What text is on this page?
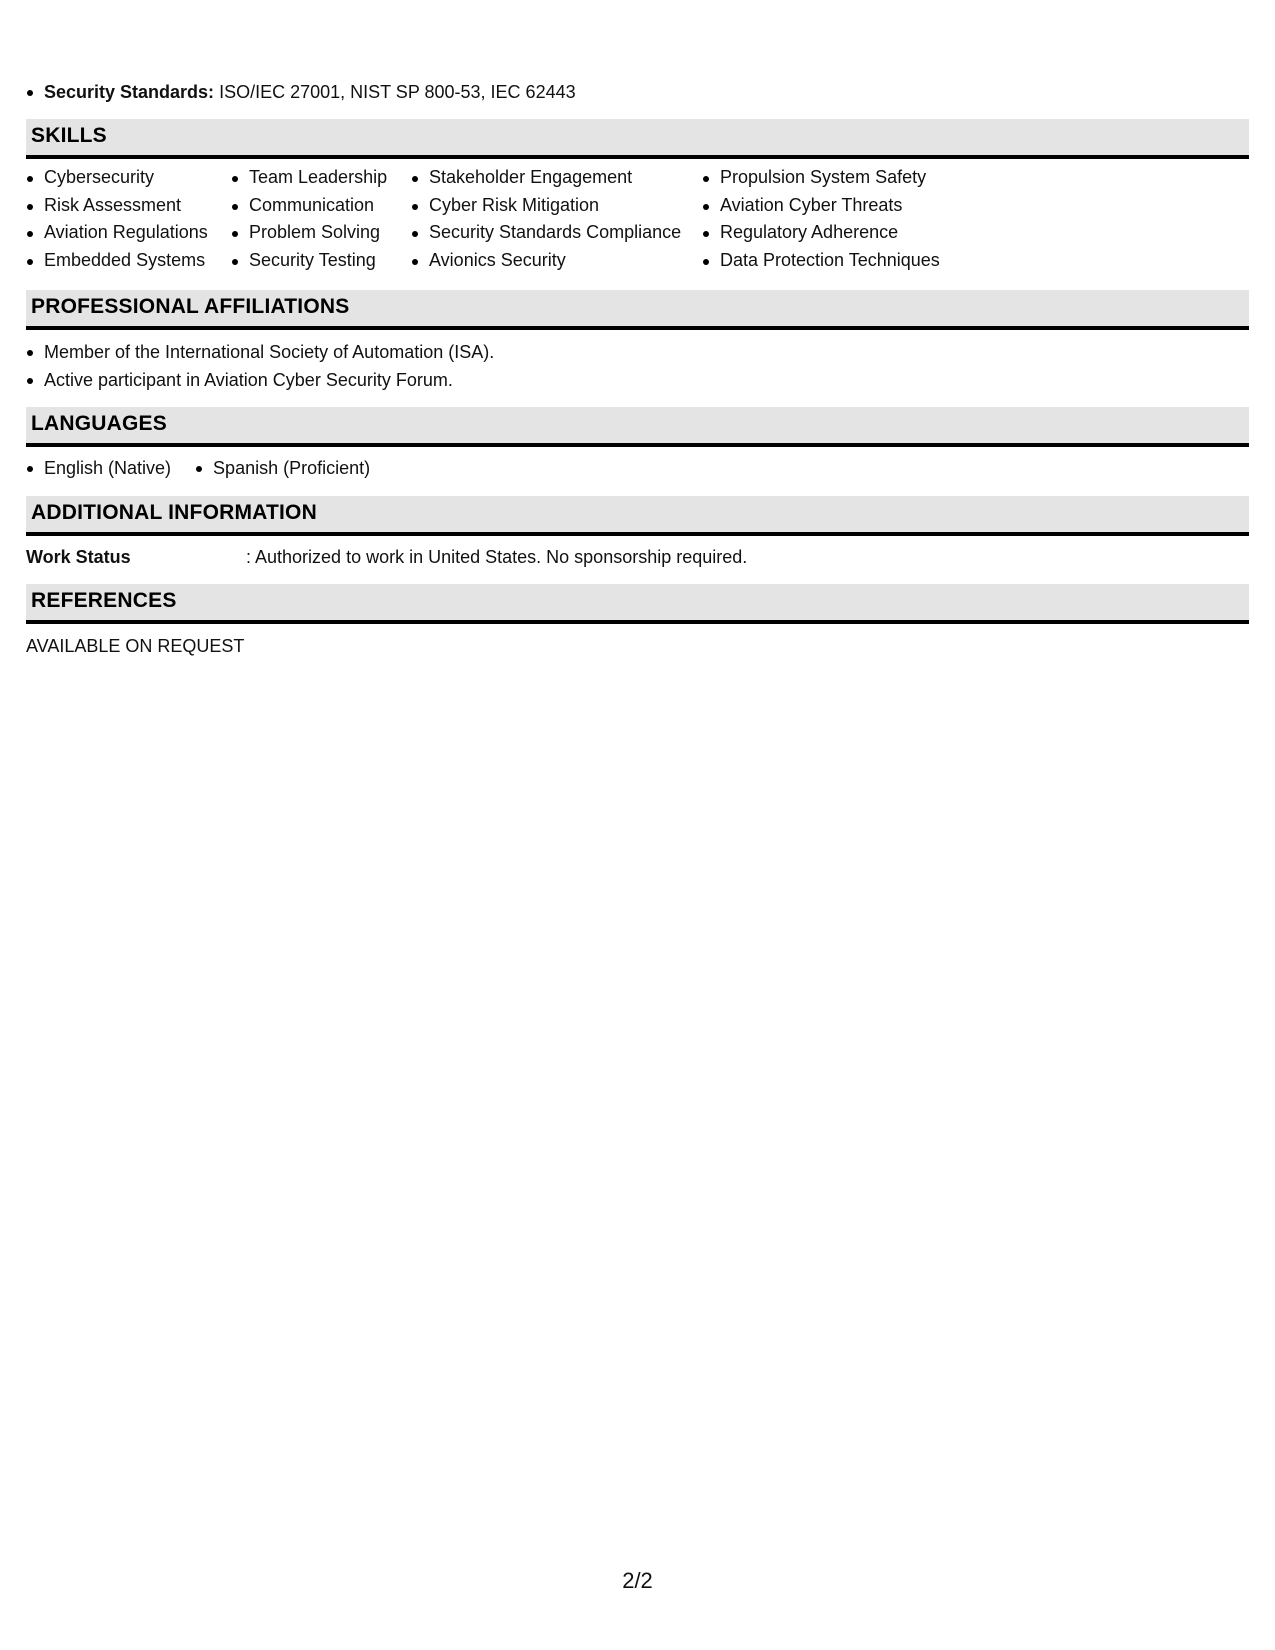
Security Standards: ISO/IEC 27001, NIST SP 800-53, IEC 62443
SKILLS
Cybersecurity
Risk Assessment
Aviation Regulations
Embedded Systems
Team Leadership
Communication
Problem Solving
Security Testing
Stakeholder Engagement
Cyber Risk Mitigation
Security Standards Compliance
Avionics Security
Propulsion System Safety
Aviation Cyber Threats
Regulatory Adherence
Data Protection Techniques
PROFESSIONAL AFFILIATIONS
Member of the International Society of Automation (ISA).
Active participant in Aviation Cyber Security Forum.
LANGUAGES
English (Native)	Spanish (Proficient)
ADDITIONAL INFORMATION
Work Status	: Authorized to work in United States. No sponsorship required.
REFERENCES
AVAILABLE ON REQUEST
2/2
